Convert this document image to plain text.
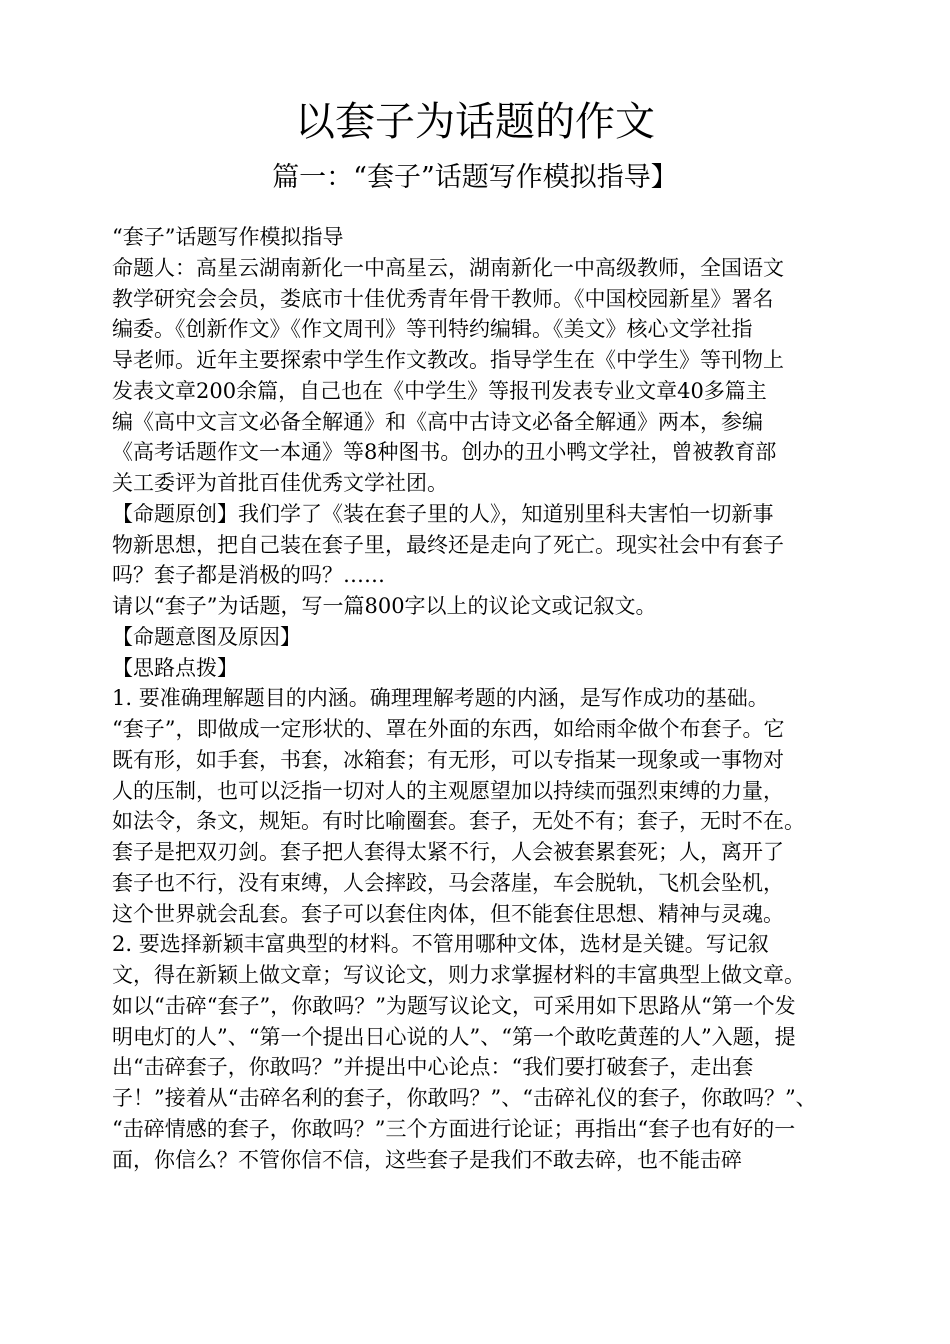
以套子为话题的作文
篇一：“套子”话题写作模拟指导】
“套子”话题写作模拟指导
命题人：高星云湖南新化一中高星云，湖南新化一中高级教师，全国语文
教学研究会会员，娄底市十佳优秀青年骨干教师。《中国校园新星》署名
编委。《创新作文》《作文周刊》等刊特约编辑。《美文》核心文学社指
导老师。近年主要探索中学生作文教改。指导学生在《中学生》等刊物上
发表文章200余篇，自己也在《中学生》等报刊发表专业文章40多篇主
编《高中文言文必备全解通》和《高中古诗文必备全解通》两本，参编
《高考话题作文一本通》等8种图书。创办的丑小鸭文学社，曾被教育部
关工委评为首批百佳优秀文学社团。
【命题原创】我们学了《装在套子里的人》，知道别里科夫害怕一切新事
物新思想，把自己装在套子里，最终还是走向了死亡。现实社会中有套子
吗？套子都是消极的吗？……
请以“套子”为话题，写一篇800字以上的议论文或记叙文。
【命题意图及原因】
【思路点拨】
1. 要准确理解题目的内涵。确理理解考题的内涵，是写作成功的基础。
“套子”，即做成一定形状的、罩在外面的东西，如给雨伞做个布套子。它
既有形，如手套，书套，冰箱套；有无形，可以专指某一现象或一事物对
人的压制，也可以泛指一切对人的主观愿望加以持续而强烈束缚的力量，
如法令，条文，规矩。有时比喻圈套。套子，无处不有；套子，无时不在。
套子是把双刃剑。套子把人套得太紧不行，人会被套累套死；人，离开了
套子也不行，没有束缚，人会摔跤，马会落崖，车会脱轨，飞机会坠机，
这个世界就会乱套。套子可以套住肉体，但不能套住思想、精神与灵魂。
2. 要选择新颖丰富典型的材料。不管用哪种文体，选材是关键。写记叙
文，得在新颖上做文章；写议论文，则力求掌握材料的丰富典型上做文章。
如以“击碎“套子”，你敢吗？”为题写议论文，可采用如下思路从“第一个发
明电灯的人”、“第一个提出日心说的人”、“第一个敢吃黄莲的人”入题，提
出“击碎套子，你敢吗？”并提出中心论点：“我们要打破套子，走出套
子！”接着从“击碎名利的套子，你敢吗？”、“击碎礼仪的套子，你敢吗？”、
“击碎情感的套子，你敢吗？”三个方面进行论证；再指出“套子也有好的一
面，你信么？不管你信不信，这些套子是我们不敢去碎，也不能击碎
